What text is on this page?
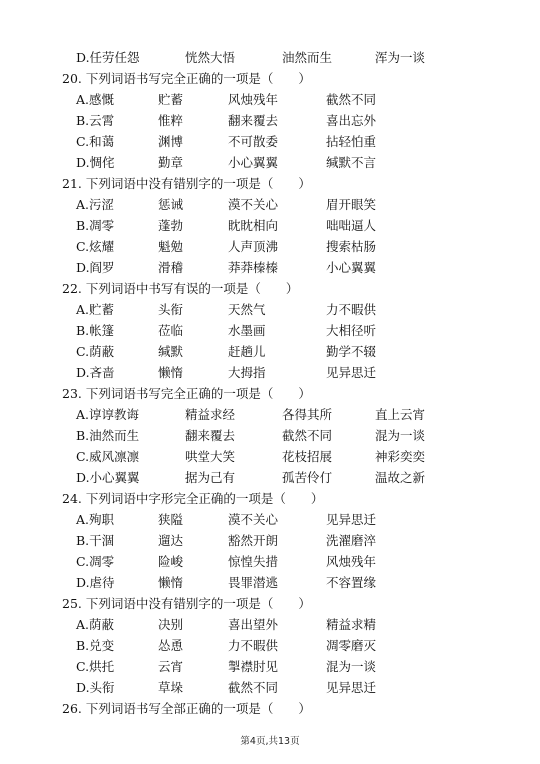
D.任劳任怨	恍然大悟	油然而生	浑为一谈
20. 下列词语书写完全正确的一项是（　　）
A.感慨	贮蓄	风烛残年	截然不同
B.云霄	惟粹	翻来覆去	喜出忘外
C.和蔼	渊博	不可散委	拈轻怕重
D.惆侘	勤章	小心翼翼	缄默不言
21. 下列词语中没有错别字的一项是（　　）
A.污涩	惩诫	漠不关心	眉开眼笑
B.凋零	蓬勃	眈眈相向	咄咄逼人
C.炫耀	魁勉	人声顶沸	搜索枯肠
D.阎罗	滑稽	莽莽榛榛	小心翼翼
22. 下列词语中书写有误的一项是（　　）
A.贮蓄	头衔	天然气	力不暇供
B.帐篷	莅临	水墨画	大相径听
C.荫蔽	缄默	赶趟儿	勤学不辍
D.吝啬	懒惰	大拇指	见异思迁
23. 下列词语书写完全正确的一项是（　　）
A.谆谆教诲	精益求经	各得其所	直上云宵
B.油然而生	翻来覆去	截然不同	混为一谈
C.威风凛凛	哄堂大笑	花枝招展	神彩奕奕
D.小心翼翼	据为己有	孤苦伶仃	温故之新
24. 下列词语中字形完全正确的一项是（　　）
A.殉职	狭隘	漠不关心	见异思迁
B.干涸	遛达	豁然开朗	洗濯磨淬
C.凋零	险峻	惊惶失措	风烛残年
D.虐待	懒惰	畏罪潜逃	不容置缘
25. 下列词语中没有错别字的一项是（　　）
A.荫蔽	决别	喜出望外	精益求精
B.兑变	怂恿	力不暇供	凋零磨灭
C.烘托	云宵	掣襟肘见	混为一谈
D.头衔	草垛	截然不同	见异思迁
26. 下列词语书写全部正确的一项是（　　）
第4页,共13页
